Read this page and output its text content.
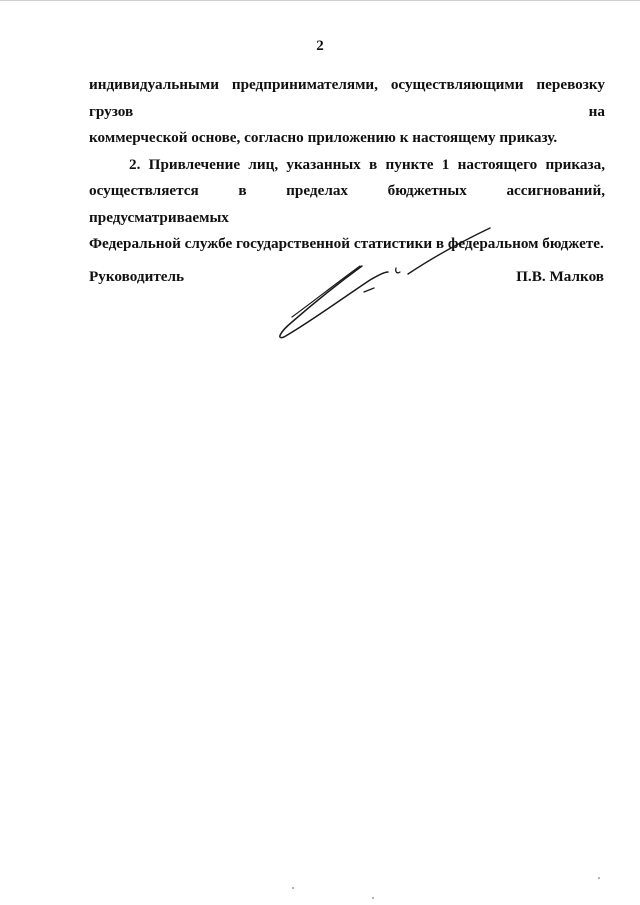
2

индивидуальными предпринимателями, осуществляющими перевозку грузов на
коммерческой основе, согласно приложению к настоящему приказу.

2. Привлечение лиц, указанных в пункте 1 настоящего приказа,
осуществляется в пределах бюджетных ассигнований, предусматриваемых
Федеральной службе государственной статистики в федеральном бюджете.

Руководитель	П.В. Малков
